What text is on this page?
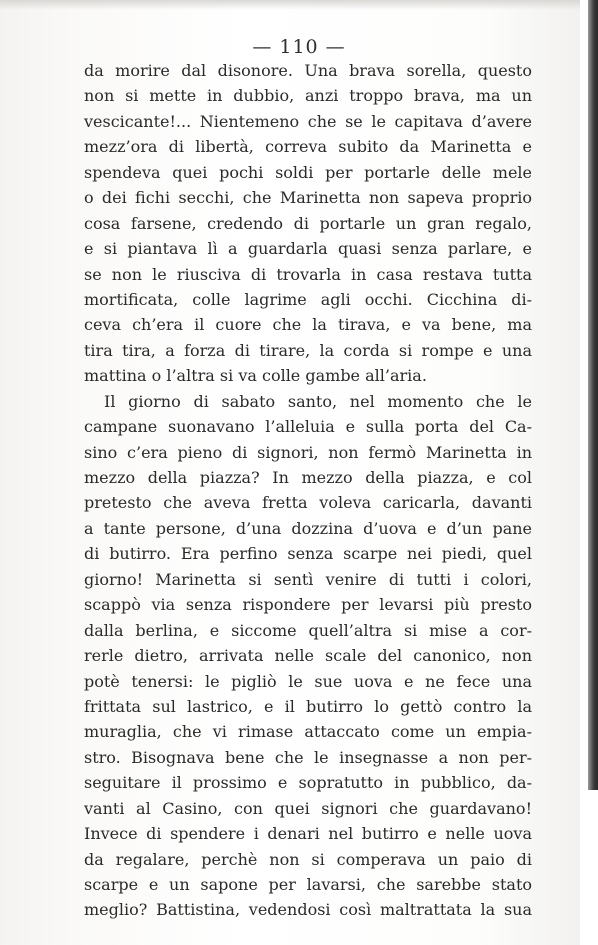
— 110 —
da morire dal disonore. Una brava sorella, questo
non si mette in dubbio, anzi troppo brava, ma un
vescicante!... Nientemeno che se le capitava d’avere
mezz’ora di libertà, correva subito da Marinetta e
spendeva quei pochi soldi per portarle delle mele
o dei fichi secchi, che Marinetta non sapeva proprio
cosa farsene, credendo di portarle un gran regalo,
e si piantava lì a guardarla quasi senza parlare, e
se non le riusciva di trovarla in casa restava tutta
mortificata, colle lagrime agli occhi. Cicchina di-
ceva ch’era il cuore che la tirava, e va bene, ma
tira tira, a forza di tirare, la corda si rompe e una
mattina o l’altra si va colle gambe all’aria.
Il giorno di sabato santo, nel momento che le
campane suonavano l’alleluia e sulla porta del Ca-
sino c’era pieno di signori, non fermò Marinetta in
mezzo della piazza? In mezzo della piazza, e col
pretesto che aveva fretta voleva caricarla, davanti
a tante persone, d’una dozzina d’uova e d’un pane
di butirro. Era perfino senza scarpe nei piedi, quel
giorno! Marinetta si sentì venire di tutti i colori,
scappò via senza rispondere per levarsi più presto
dalla berlina, e siccome quell’altra si mise a cor-
rerle dietro, arrivata nelle scale del canonico, non
potè tenersi: le pigliò le sue uova e ne fece una
frittata sul lastrico, e il butirro lo gettò contro la
muraglia, che vi rimase attaccato come un empia-
stro. Bisognava bene che le insegnasse a non per-
seguitare il prossimo e sopratutto in pubblico, da-
vanti al Casino, con quei signori che guardavano!
Invece di spendere i denari nel butirro e nelle uova
da regalare, perchè non si comperava un paio di
scarpe e un sapone per lavarsi, che sarebbe stato
meglio? Battistina, vedendosi così maltrattata la sua
